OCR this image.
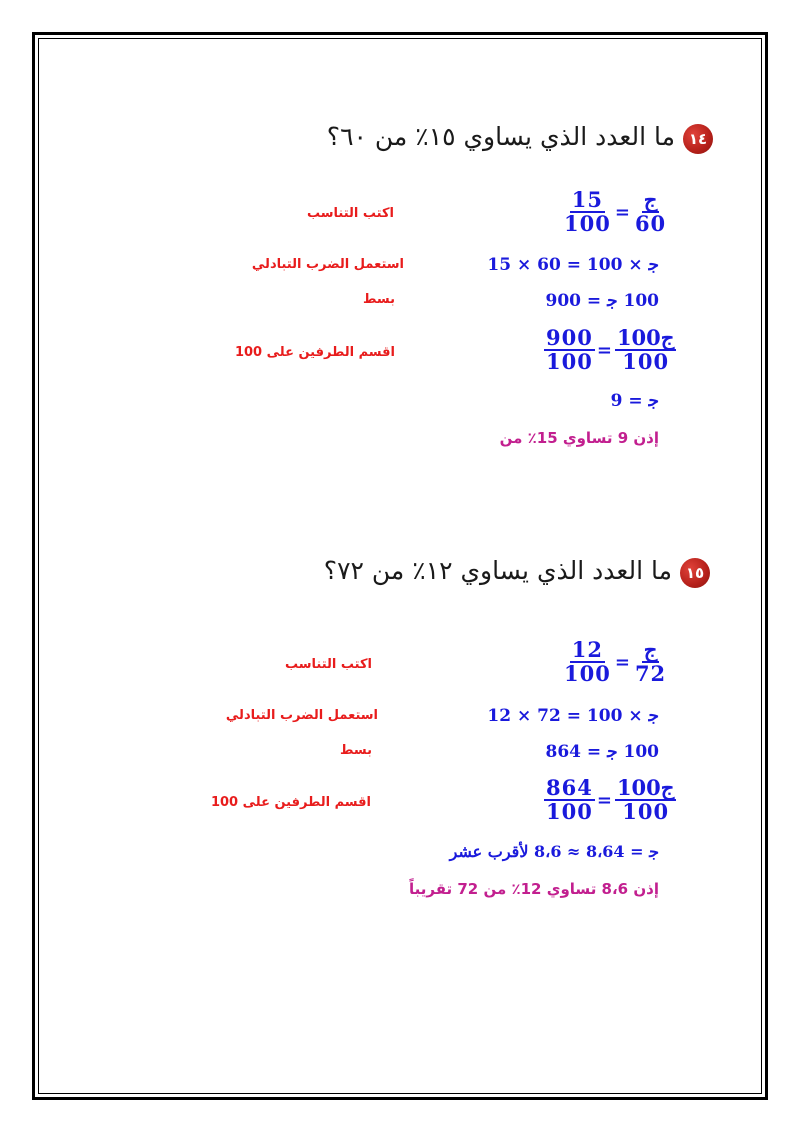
١٤
ما العدد الذي يساوي ١٥٪ من ٦٠؟
اكتب التناسب	$\frac{15}{100} = \frac{\text{ج}}{60}$
استعمل الضرب التبادلي	ﺟ × 100 = 60 × 15
بسط	100 ﺟ = 900
اقسم الطرفين على 100	$\frac{900}{100} = \frac{\text{100ج}}{100}$
ﺟ = 9
إذن 9 تساوي 15٪ من
١٥
ما العدد الذي يساوي ١٢٪ من ٧٢؟
اكتب التناسب	$\frac{12}{100} = \frac{\text{ج}}{72}$
استعمل الضرب التبادلي	ﺟ × 100 = 72 × 12
بسط	100 ﺟ = 864
اقسم الطرفين على 100	$\frac{864}{100} = \frac{\text{100ج}}{100}$
ﺟ = 8،64 ≈ 8،6 لأقرب عشر
إذن 8،6 تساوي 12٪ من 72 تقريباً
